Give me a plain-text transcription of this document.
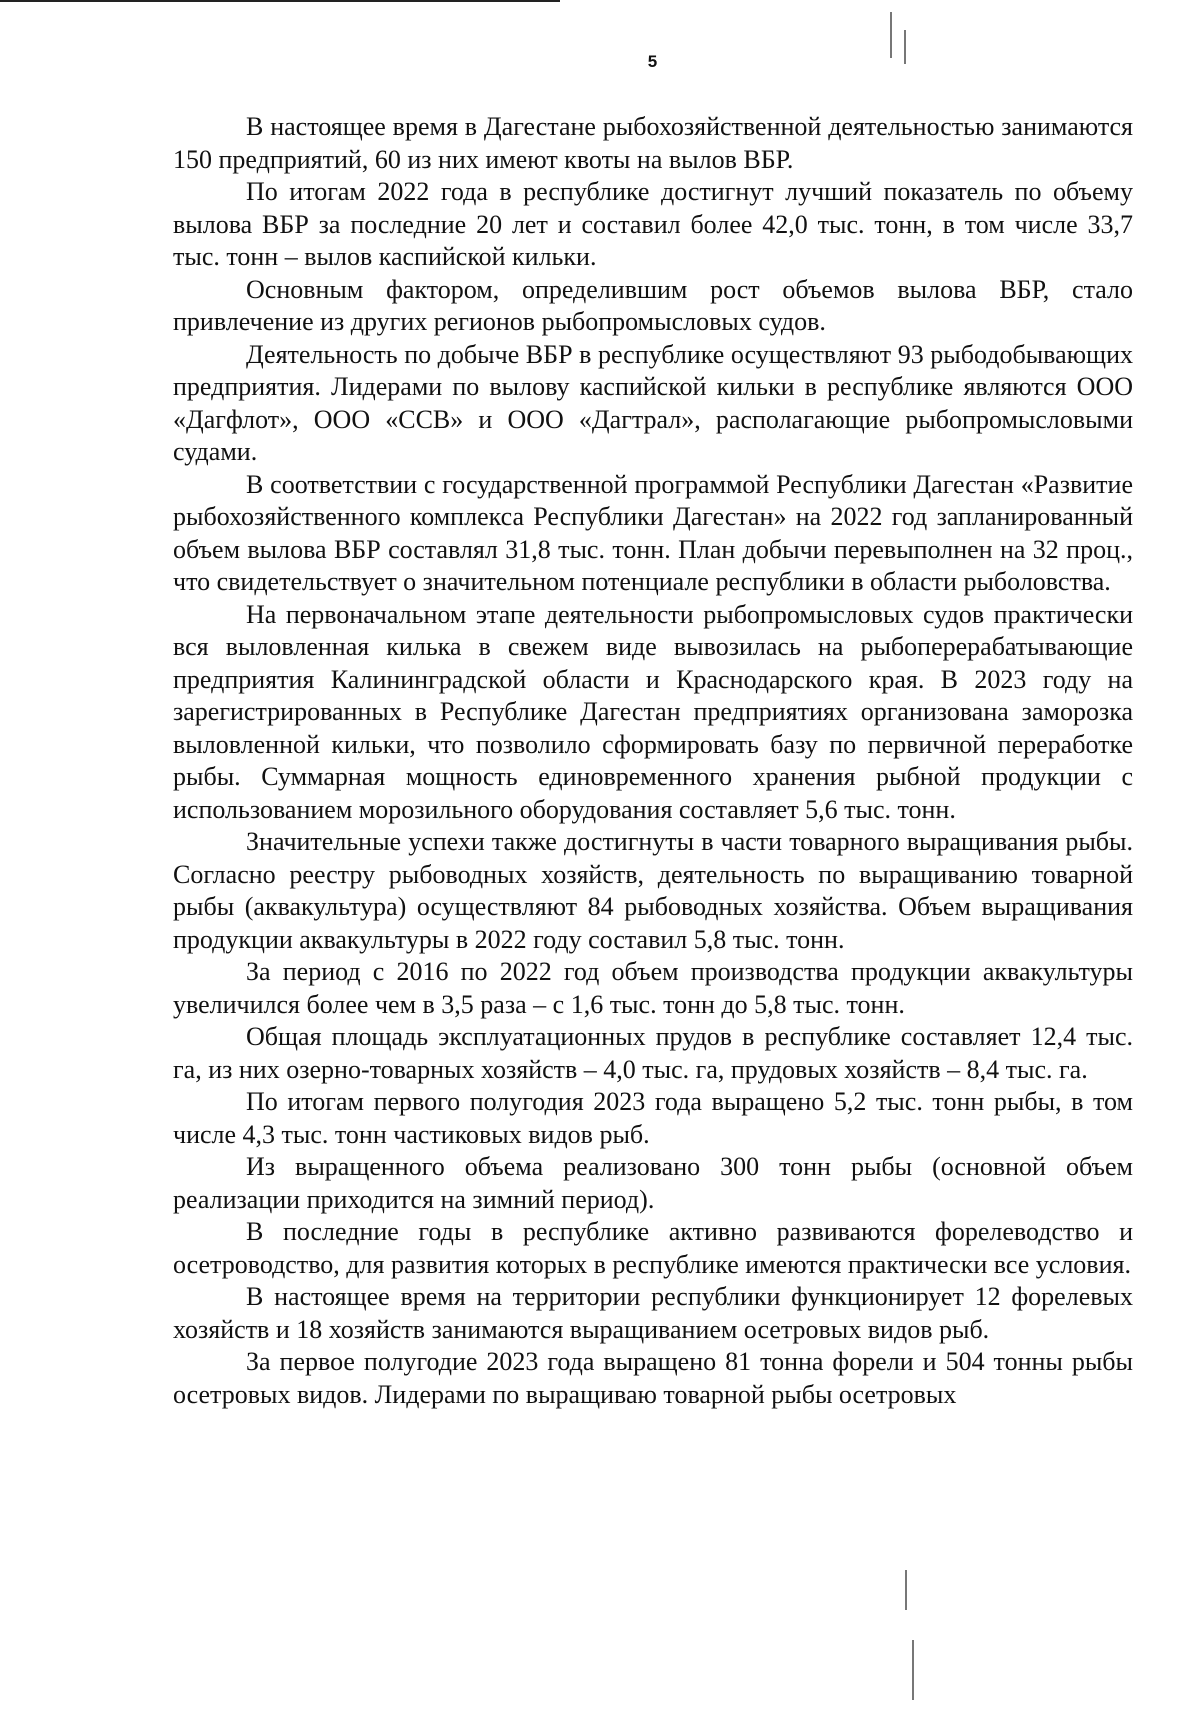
5

В настоящее время в Дагестане рыбохозяйственной деятельностью занимаются 150 предприятий, 60 из них имеют квоты на вылов ВБР.

По итогам 2022 года в республике достигнут лучший показатель по объему вылова ВБР за последние 20 лет и составил более 42,0 тыс. тонн, в том числе 33,7 тыс. тонн – вылов каспийской кильки.

Основным фактором, определившим рост объемов вылова ВБР, стало привлечение из других регионов рыбопромысловых судов.

Деятельность по добыче ВБР в республике осуществляют 93 рыбодобывающих предприятия. Лидерами по вылову каспийской кильки в республике являются ООО «Дагфлот», ООО «ССВ» и ООО «Дагтрал», располагающие рыбопромысловыми судами.

В соответствии с государственной программой Республики Дагестан «Развитие рыбохозяйственного комплекса Республики Дагестан» на 2022 год запланированный объем вылова ВБР составлял 31,8 тыс. тонн. План добычи перевыполнен на 32 проц., что свидетельствует о значительном потенциале республики в области рыболовства.

На первоначальном этапе деятельности рыбопромысловых судов практически вся выловленная килька в свежем виде вывозилась на рыбоперерабатывающие предприятия Калининградской области и Краснодарского края. В 2023 году на зарегистрированных в Республике Дагестан предприятиях организована заморозка выловленной кильки, что позволило сформировать базу по первичной переработке рыбы. Суммарная мощность единовременного хранения рыбной продукции с использованием морозильного оборудования составляет 5,6 тыс. тонн.

Значительные успехи также достигнуты в части товарного выращивания рыбы. Согласно реестру рыбоводных хозяйств, деятельность по выращиванию товарной рыбы (аквакультура) осуществляют 84 рыбоводных хозяйства. Объем выращивания продукции аквакультуры в 2022 году составил 5,8 тыс. тонн.

За период с 2016 по 2022 год объем производства продукции аквакультуры увеличился более чем в 3,5 раза – с 1,6 тыс. тонн до 5,8 тыс. тонн.

Общая площадь эксплуатационных прудов в республике составляет 12,4 тыс. га, из них озерно-товарных хозяйств – 4,0 тыс. га, прудовых хозяйств – 8,4 тыс. га.

По итогам первого полугодия 2023 года выращено 5,2 тыс. тонн рыбы, в том числе 4,3 тыс. тонн частиковых видов рыб.

Из выращенного объема реализовано 300 тонн рыбы (основной объем реализации приходится на зимний период).

В последние годы в республике активно развиваются форелеводство и осетроводство, для развития которых в республике имеются практически все условия.

В настоящее время на территории республики функционирует 12 форелевых хозяйств и 18 хозяйств занимаются выращиванием осетровых видов рыб.

За первое полугодие 2023 года выращено 81 тонна форели и 504 тонны рыбы осетровых видов. Лидерами по выращиваю товарной рыбы осетровых
